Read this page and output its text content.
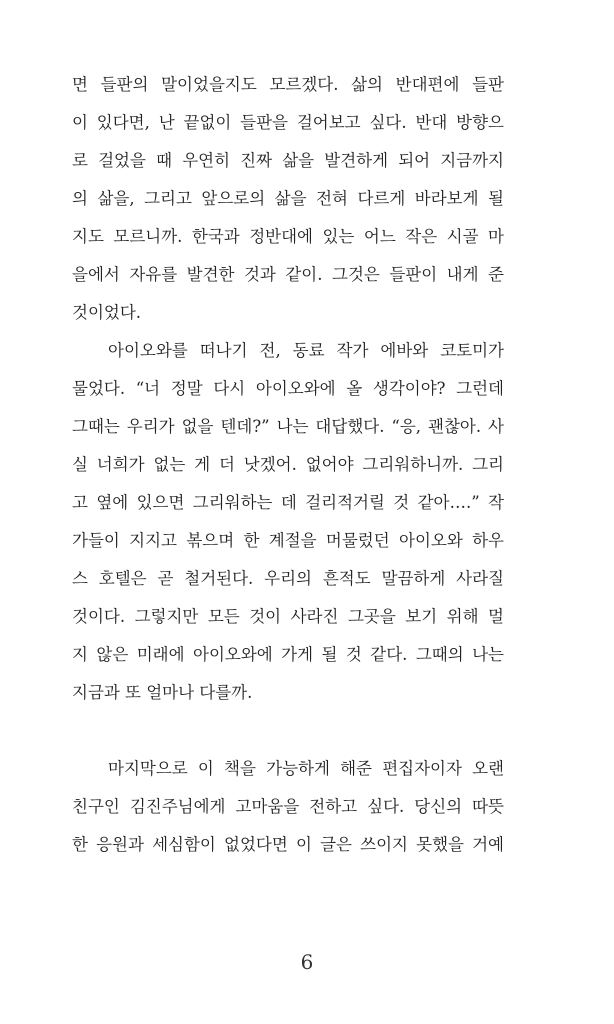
면 들판의 말이었을지도 모르겠다. 삶의 반대편에 들판
이 있다면, 난 끝없이 들판을 걸어보고 싶다. 반대 방향으
로 걸었을 때 우연히 진짜 삶을 발견하게 되어 지금까지
의 삶을, 그리고 앞으로의 삶을 전혀 다르게 바라보게 될
지도 모르니까. 한국과 정반대에 있는 어느 작은 시골 마
을에서 자유를 발견한 것과 같이. 그것은 들판이 내게 준
것이었다.
아이오와를 떠나기 전, 동료 작가 에바와 코토미가
물었다. “너 정말 다시 아이오와에 올 생각이야? 그런데
그때는 우리가 없을 텐데?” 나는 대답했다. “응, 괜찮아. 사
실 너희가 없는 게 더 낫겠어. 없어야 그리워하니까. 그리
고 옆에 있으면 그리워하는 데 걸리적거릴 것 같아….” 작
가들이 지지고 볶으며 한 계절을 머물렀던 아이오와 하우
스 호텔은 곧 철거된다. 우리의 흔적도 말끔하게 사라질
것이다. 그렇지만 모든 것이 사라진 그곳을 보기 위해 멀
지 않은 미래에 아이오와에 가게 될 것 같다. 그때의 나는
지금과 또 얼마나 다를까.
마지막으로 이 책을 가능하게 해준 편집자이자 오랜
친구인 김진주님에게 고마움을 전하고 싶다. 당신의 따뜻
한 응원과 세심함이 없었다면 이 글은 쓰이지 못했을 거예
6
